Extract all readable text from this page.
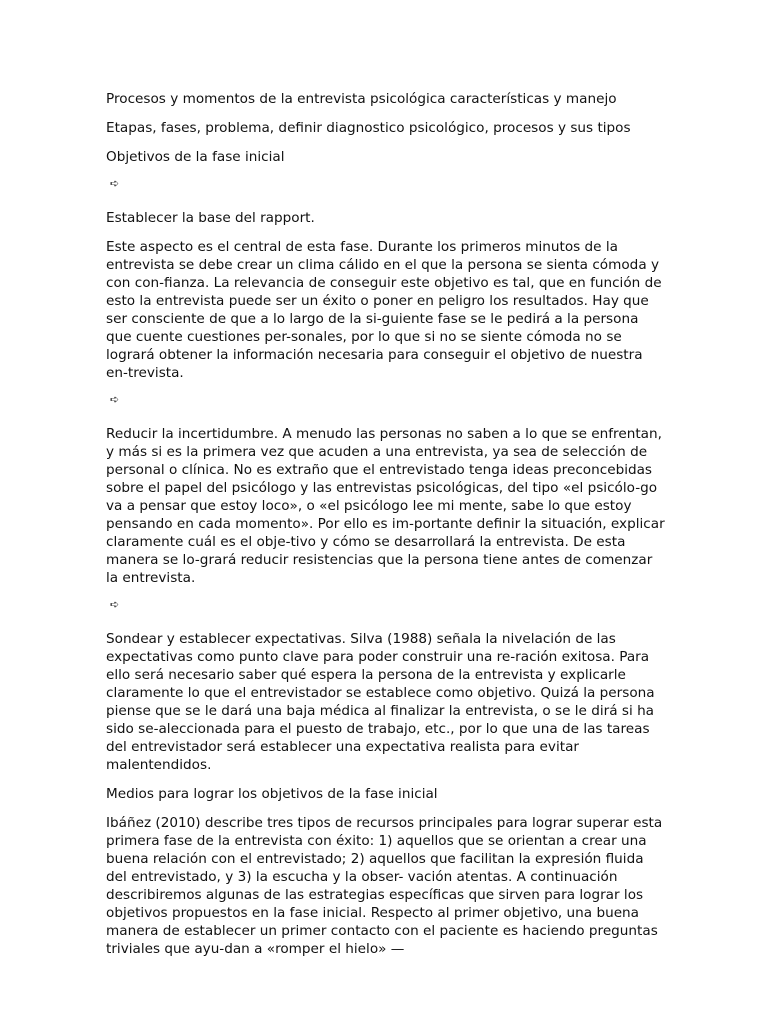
Procesos y momentos de la entrevista psicológica características y manejo

Etapas, fases, problema, definir diagnostico psicológico, procesos y sus tipos

Objetivos de la fase inicial

➪

Establecer la base del rapport.

Este aspecto es el central de esta fase. Durante los primeros minutos de la entrevista se debe crear un clima cálido en el que la persona se sienta cómoda y con con-fianza. La relevancia de conseguir este objetivo es tal, que en función de esto la entrevista puede ser un éxito o poner en peligro los resultados. Hay que ser consciente de que a lo largo de la si-guiente fase se le pedirá a la persona que cuente cuestiones per-sonales, por lo que si no se siente cómoda no se logrará obtener la información necesaria para conseguir el objetivo de nuestra en-trevista.

➪

Reducir la incertidumbre. A menudo las personas no saben a lo que se enfrentan, y más si es la primera vez que acuden a una entrevista, ya sea de selección de personal o clínica. No es extraño que el entrevistado tenga ideas preconcebidas sobre el papel del psicólogo y las entrevistas psicológicas, del tipo «el psicólo-go va a pensar que estoy loco», o «el psicólogo lee mi mente, sabe lo que estoy pensando en cada momento». Por ello es im-portante definir la situación, explicar claramente cuál es el obje-tivo y cómo se desarrollará la entrevista. De esta manera se lo-grará reducir resistencias que la persona tiene antes de comenzar la entrevista.

➪

Sondear y establecer expectativas. Silva (1988) señala la nivelación de las expectativas como punto clave para poder construir una re-ración exitosa. Para ello será necesario saber qué espera la persona de la entrevista y explicarle claramente lo que el entrevistador se establece como objetivo. Quizá la persona piense que se le dará una baja médica al finalizar la entrevista, o se le dirá si ha sido se-aleccionada para el puesto de trabajo, etc., por lo que una de las tareas del entrevistador será establecer una expectativa realista para evitar malentendidos.

Medios para lograr los objetivos de la fase inicial

Ibáñez (2010) describe tres tipos de recursos principales para lograr superar esta primera fase de la entrevista con éxito: 1) aquellos que se orientan a crear una buena relación con el entrevistado; 2) aquellos que facilitan la expresión fluida del entrevistado, y 3) la escucha y la obser- vación atentas. A continuación describiremos algunas de las estrategias específicas que sirven para lograr los objetivos propuestos en la fase inicial. Respecto al primer objetivo, una buena manera de establecer un primer contacto con el paciente es haciendo preguntas triviales que ayu-dan a «romper el hielo» —
